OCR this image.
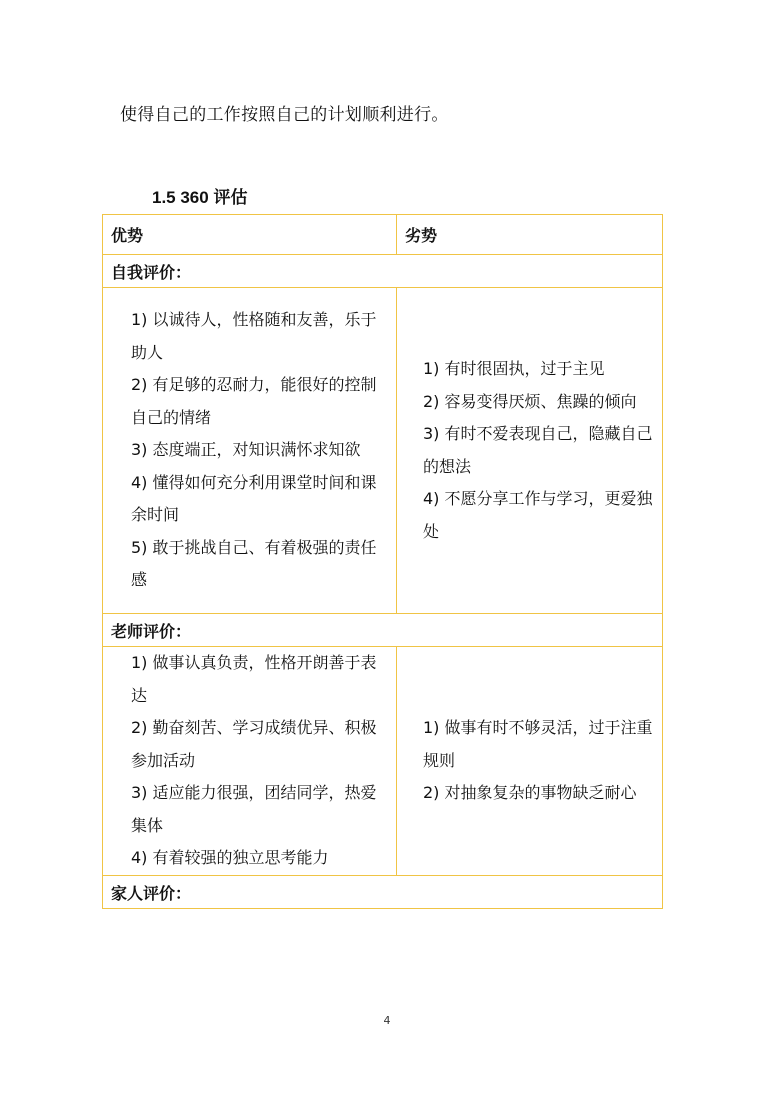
使得自己的工作按照自己的计划顺利进行。

1.5 360 评估
优势	劣势
自我评价：	

1) 以诚待人，性格随和友善，乐于助人
2) 有足够的忍耐力，能很好的控制自己的情绪
3) 态度端正，对知识满怀求知欲
4) 懂得如何充分利用课堂时间和课余时间
5) 敢于挑战自己、有着极强的责任感	1) 有时很固执，过于主见
2) 容易变得厌烦、焦躁的倾向
3) 有时不爱表现自己，隐藏自己的想法
4) 不愿分享工作与学习，更爱独处

老师评价：	

1) 做事认真负责，性格开朗善于表达
2) 勤奋刻苦、学习成绩优异、积极参加活动
3) 适应能力很强，团结同学，热爱集体
4) 有着较强的独立思考能力	1) 做事有时不够灵活，过于注重规则
2) 对抽象复杂的事物缺乏耐心

家人评价：	
4
